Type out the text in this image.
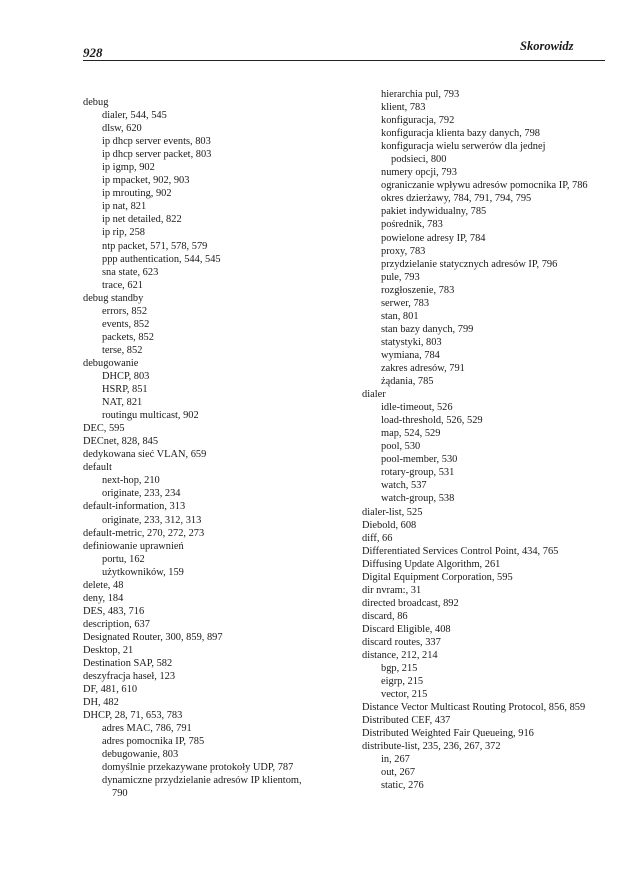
928	Skorowidz
debug
dialer, 544, 545
dlsw, 620
ip dhcp server events, 803
ip dhcp server packet, 803
ip igmp, 902
ip mpacket, 902, 903
ip mrouting, 902
ip nat, 821
ip net detailed, 822
ip rip, 258
ntp packet, 571, 578, 579
ppp authentication, 544, 545
sna state, 623
trace, 621
debug standby
errors, 852
events, 852
packets, 852
terse, 852
debugowanie
DHCP, 803
HSRP, 851
NAT, 821
routingu multicast, 902
DEC, 595
DECnet, 828, 845
dedykowana sieć VLAN, 659
default
next-hop, 210
originate, 233, 234
default-information, 313
originate, 233, 312, 313
default-metric, 270, 272, 273
definiowanie uprawnień
portu, 162
użytkowników, 159
delete, 48
deny, 184
DES, 483, 716
description, 637
Designated Router, 300, 859, 897
Desktop, 21
Destination SAP, 582
deszyfracja haseł, 123
DF, 481, 610
DH, 482
DHCP, 28, 71, 653, 783
adres MAC, 786, 791
adres pomocnika IP, 785
debugowanie, 803
domyślnie przekazywane protokoły UDP, 787
dynamiczne przydzielanie adresów IP klientom,
790
hierarchia pul, 793
klient, 783
konfiguracja, 792
konfiguracja klienta bazy danych, 798
konfiguracja wielu serwerów dla jednej
podsieci, 800
numery opcji, 793
ograniczanie wpływu adresów pomocnika IP, 786
okres dzierżawy, 784, 791, 794, 795
pakiet indywidualny, 785
pośrednik, 783
powielone adresy IP, 784
proxy, 783
przydzielanie statycznych adresów IP, 796
pule, 793
rozgłoszenie, 783
serwer, 783
stan, 801
stan bazy danych, 799
statystyki, 803
wymiana, 784
zakres adresów, 791
żądania, 785
dialer
idle-timeout, 526
load-threshold, 526, 529
map, 524, 529
pool, 530
pool-member, 530
rotary-group, 531
watch, 537
watch-group, 538
dialer-list, 525
Diebold, 608
diff, 66
Differentiated Services Control Point, 434, 765
Diffusing Update Algorithm, 261
Digital Equipment Corporation, 595
dir nvram:, 31
directed broadcast, 892
discard, 86
Discard Eligible, 408
discard routes, 337
distance, 212, 214
bgp, 215
eigrp, 215
vector, 215
Distance Vector Multicast Routing Protocol, 856, 859
Distributed CEF, 437
Distributed Weighted Fair Queueing, 916
distribute-list, 235, 236, 267, 372
in, 267
out, 267
static, 276
